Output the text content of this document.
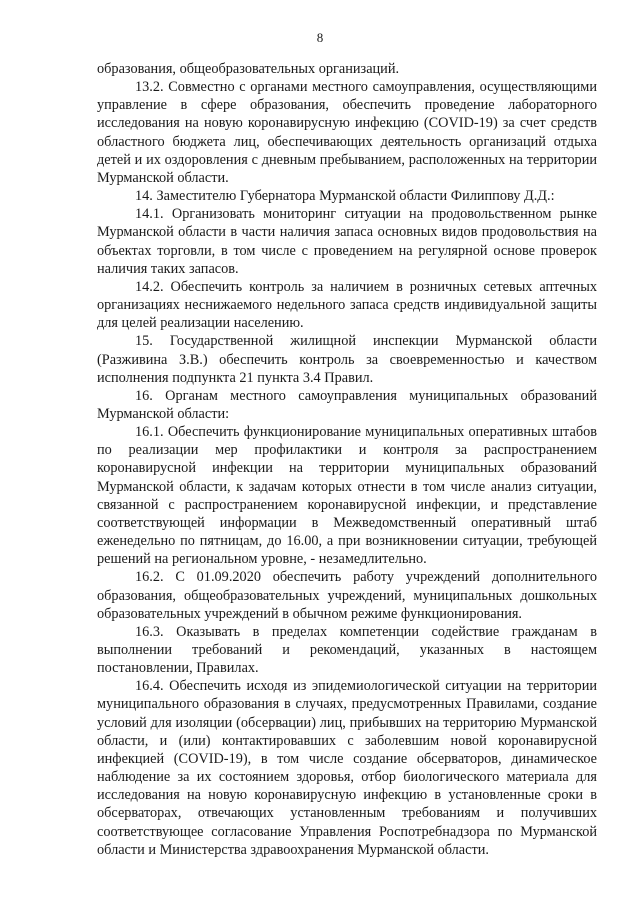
8

образования, общеобразовательных организаций.

13.2. Совместно с органами местного самоуправления, осуществляющими управление в сфере образования, обеспечить проведение лабораторного исследования на новую коронавирусную инфекцию (COVID-19) за счет средств областного бюджета лиц, обеспечивающих деятельность организаций отдыха детей и их оздоровления с дневным пребыванием, расположенных на территории Мурманской области.

14. Заместителю Губернатора Мурманской области Филиппову Д.Д.:

14.1. Организовать мониторинг ситуации на продовольственном рынке Мурманской области в части наличия запаса основных видов продовольствия на объектах торговли, в том числе с проведением на регулярной основе проверок наличия таких запасов.

14.2. Обеспечить контроль за наличием в розничных сетевых аптечных организациях неснижаемого недельного запаса средств индивидуальной защиты для целей реализации населению.

15. Государственной жилищной инспекции Мурманской области (Разживина З.В.) обеспечить контроль за своевременностью и качеством исполнения подпункта 21 пункта 3.4 Правил.

16. Органам местного самоуправления муниципальных образований Мурманской области:

16.1. Обеспечить функционирование муниципальных оперативных штабов по реализации мер профилактики и контроля за распространением коронавирусной инфекции на территории муниципальных образований Мурманской области, к задачам которых отнести в том числе анализ ситуации, связанной с распространением коронавирусной инфекции, и представление соответствующей информации в Межведомственный оперативный штаб еженедельно по пятницам, до 16.00, а при возникновении ситуации, требующей решений на региональном уровне, - незамедлительно.

16.2. С 01.09.2020 обеспечить работу учреждений дополнительного образования, общеобразовательных учреждений, муниципальных дошкольных образовательных учреждений в обычном режиме функционирования.

16.3. Оказывать в пределах компетенции содействие гражданам в выполнении требований и рекомендаций, указанных в настоящем постановлении, Правилах.

16.4. Обеспечить исходя из эпидемиологической ситуации на территории муниципального образования в случаях, предусмотренных Правилами, создание условий для изоляции (обсервации) лиц, прибывших на территорию Мурманской области, и (или) контактировавших с заболевшим новой коронавирусной инфекцией (COVID-19), в том числе создание обсерваторов, динамическое наблюдение за их состоянием здоровья, отбор биологического материала для исследования на новую коронавирусную инфекцию в установленные сроки в обсерваторах, отвечающих установленным требованиям и получивших соответствующее согласование Управления Роспотребнадзора по Мурманской области и Министерства здравоохранения Мурманской области.
